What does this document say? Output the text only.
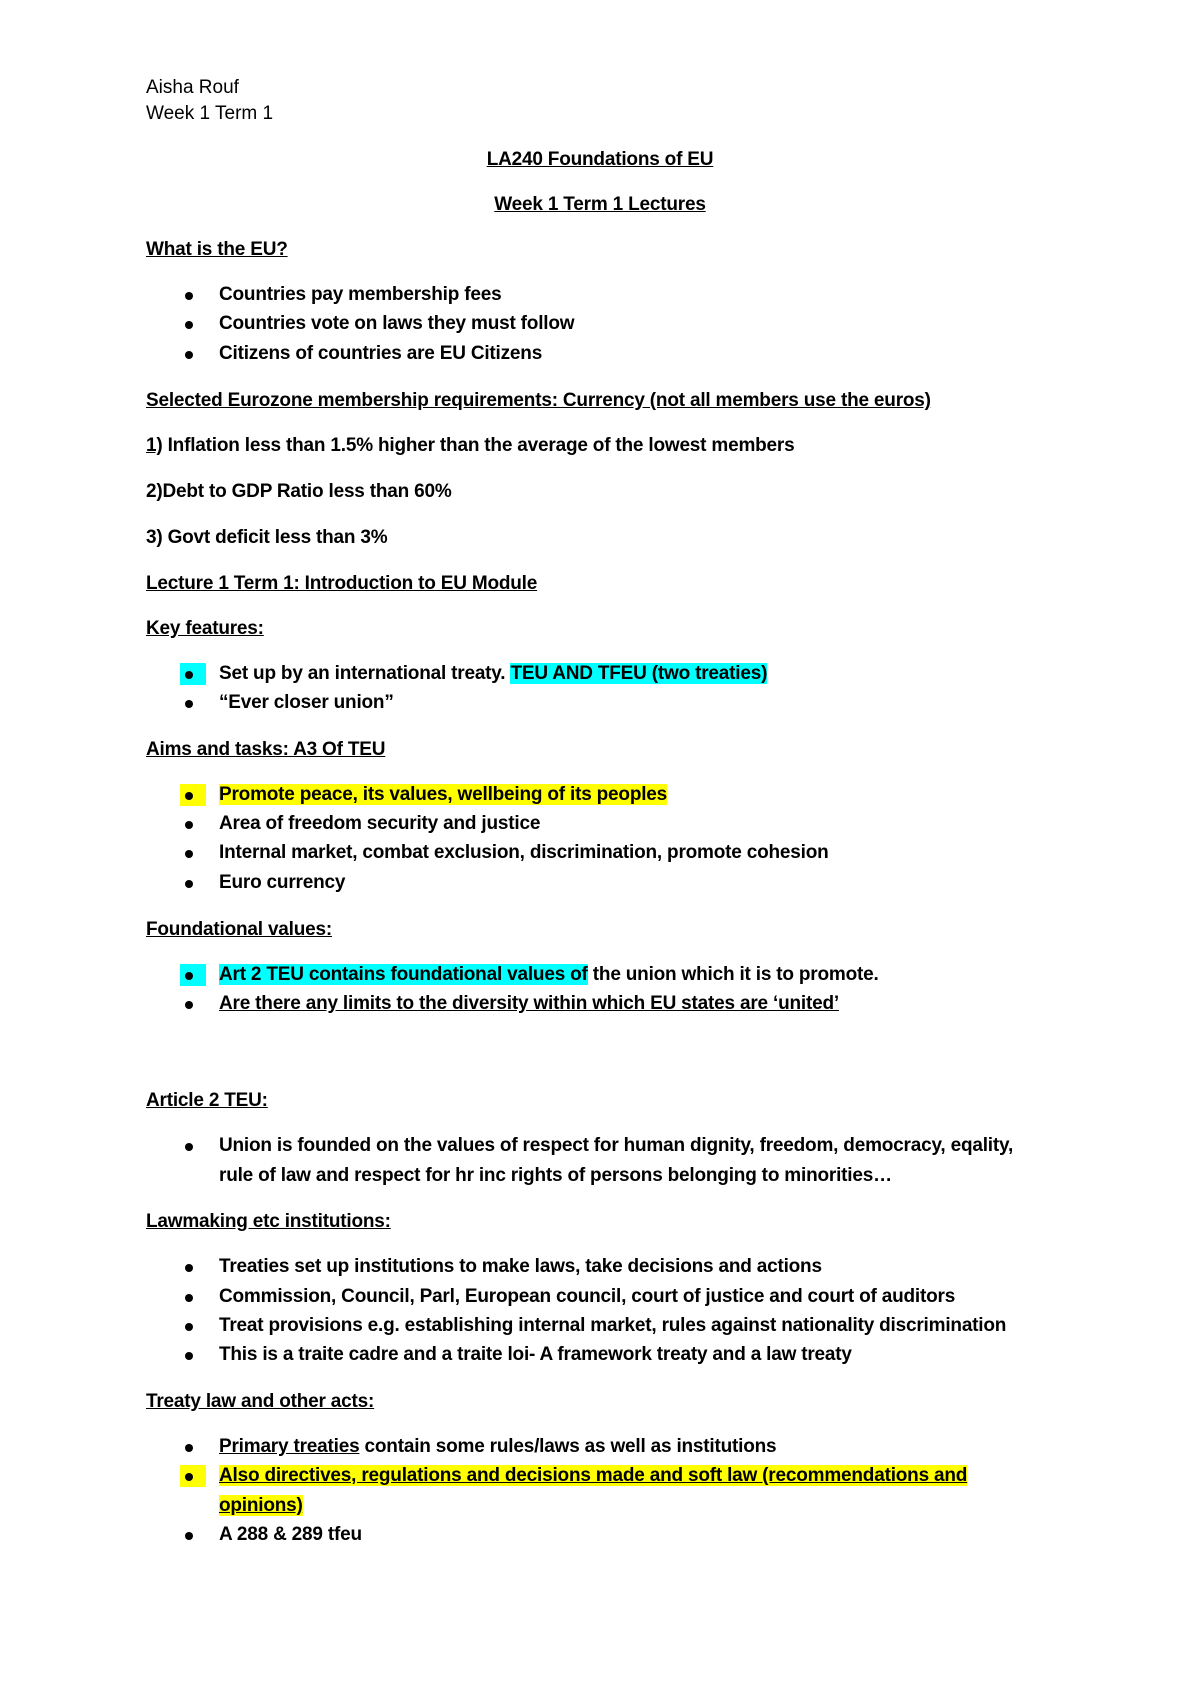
Aisha Rouf
Week 1 Term 1
LA240 Foundations of EU
Week 1 Term 1 Lectures
What is the EU?
Countries pay membership fees
Countries vote on laws they must follow
Citizens of countries are EU Citizens
Selected Eurozone membership requirements: Currency (not all members use the euros)
1) Inflation less than 1.5% higher than the average of the lowest members
2)Debt to GDP Ratio less than 60%
3) Govt deficit less than 3%
Lecture 1 Term 1: Introduction to EU Module
Key features:
Set up by an international treaty. TEU AND TFEU (two treaties)
“Ever closer union”
Aims and tasks: A3 Of TEU
Promote peace, its values, wellbeing of its peoples
Area of freedom security and justice
Internal market, combat exclusion, discrimination, promote cohesion
Euro currency
Foundational values:
Art 2 TEU contains foundational values of the union which it is to promote.
Are there any limits to the diversity within which EU states are ‘united’
Article 2 TEU:
Union is founded on the values of respect for human dignity, freedom, democracy, eqality,
rule of law and respect for hr inc rights of persons belonging to minorities…
Lawmaking etc institutions:
Treaties set up institutions to make laws, take decisions and actions
Commission, Council, Parl, European council, court of justice and court of auditors
Treat provisions e.g. establishing internal market, rules against nationality discrimination
This is a traite cadre and a traite loi- A framework treaty and a law treaty
Treaty law and other acts:
Primary treaties contain some rules/laws as well as institutions
Also directives, regulations and decisions made and soft law (recommendations and
opinions)
A 288 & 289 tfeu
